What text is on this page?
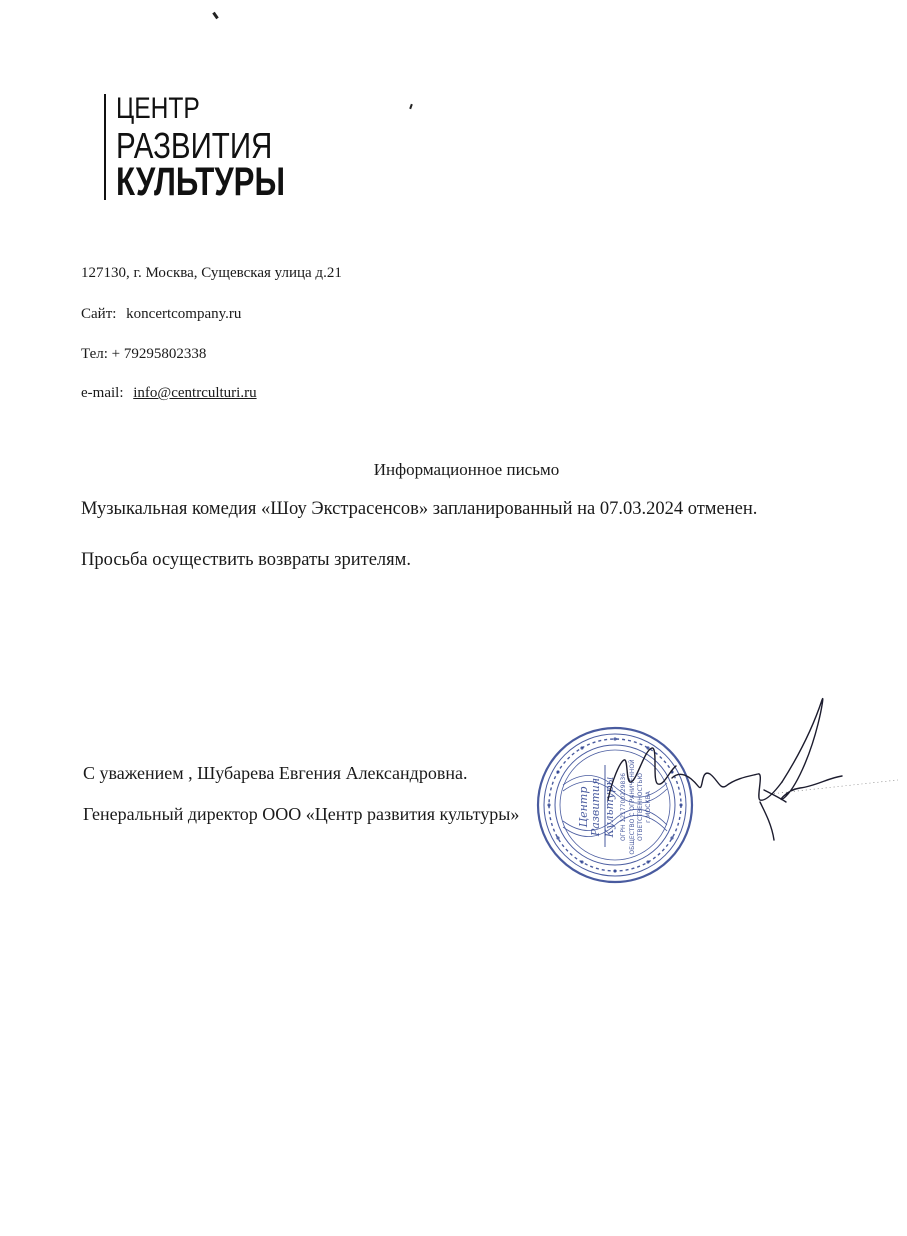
ЦЕНТР
РАЗВИТИЯ
КУЛЬТУРЫ
127130, г. Москва, Сущевская улица д.21
Сайт: koncertcompany.ru
Тел: + 79295802338
e-mail: info@centrculturi.ru
Информационное письмо
Музыкальная комедия «Шоу Экстрасенсов» запланированный на 07.03.2024 отменен.
Просьба осуществить возвраты зрителям.
С уважением , Шубарева Евгения Александровна.
Генеральный директор ООО «Центр развития культуры»	Центр Развития Культуры ОГРН 1217700229836 ОБЩЕСТВО С ОГРАНИЧЕННОЙ ОТВЕТСТВЕННОСТЬЮ г.МОСКВА
